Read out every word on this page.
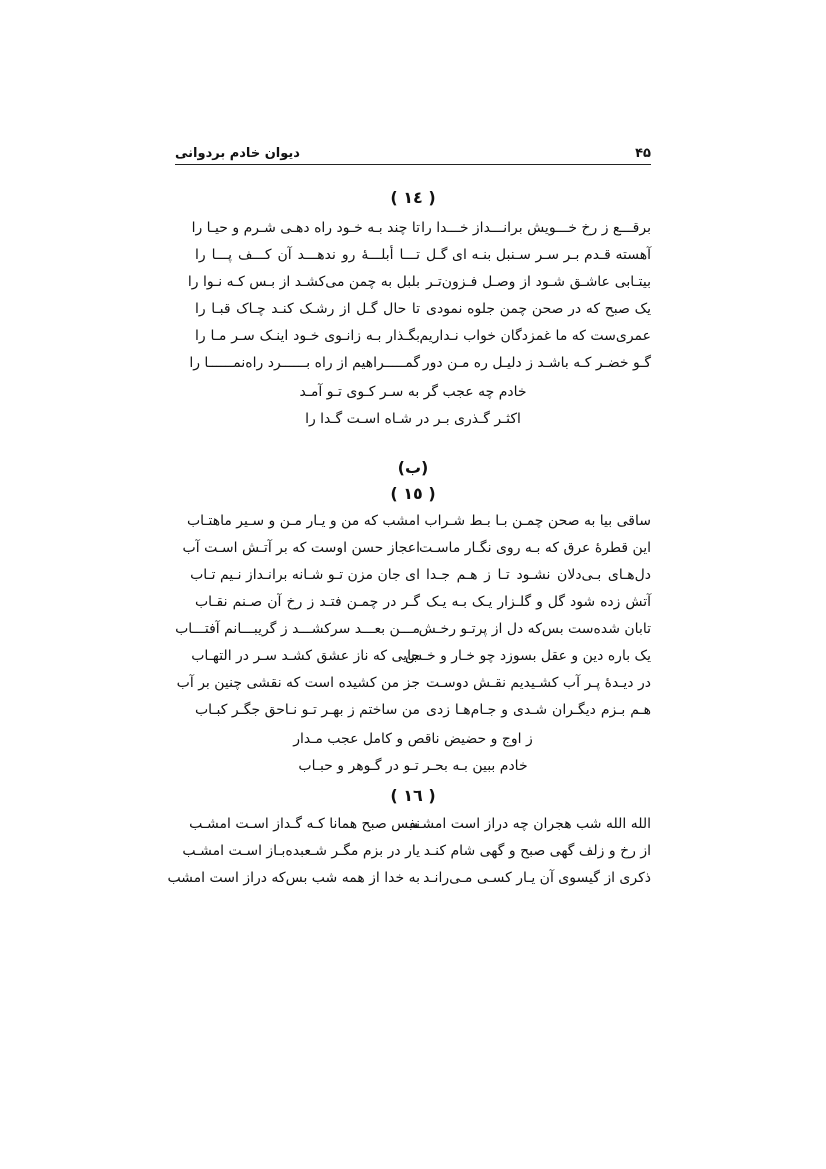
۴۵
دیوان خادم بردوانی
( ١٤ )
برقـــع ز رخ خـــویش برانـــداز خـــدا را
تا چند بـه خـود راه دهـی شـرم و حیـا را
آهسته قـدم بـر سـر سـنبل بنـه ای گـل
تـــا أبلـــهٔ رو ندهـــد آن کـــف پـــا را
بیتـابی عاشـق شـود از وصـل فـزون‌تـر
بلبل به چمن می‌کشـد از بـس کـه نـوا را
یک صبح که در صحن چمن جلوه نمودی
تا حال گـل از رشـک کنـد چـاک قبـا را
عمری‌ست که ما غمزدگان خواب نـداریم
بگـذار بـه زانـوی خـود اینـک سـر مـا را
گـو خضـر کـه باشـد ز دلیـل ره مـن دور
گمـــــراهیم از راه بــــــرد راه‌نمــــــا را
خادم چه عجب گر به سـر کـوی تـو آمـد
اکثـر گـذری بـر در شـاه اسـت گـدا را
(ب)
( ١٥ )
ساقی بیا به صحن چمـن بـا بـط شـراب
امشب که من و یـار مـن و سـیر ماهتـاب
این قطرهٔ عرق که بـه روی نگـار ماسـت
اعجاز حسن اوست که بر آتـش اسـت آب
دل‌هـای بـی‌دلان نشـود تـا ز هـم جـدا
ای جان مزن تـو شـانه برانـداز نـیم تـاب
آتش زده شود گل و گلـزار یـک بـه یـک
گـر در چمـن فتـد ز رخ آن صـنم نقـاب
تابان شده‌ست بس‌که دل از پرتـو رخـش
مـــن بعـــد سرکشـــد ز گریبـــانم آفتـــاب
یک باره دین و عقل بسوزد چو خـار و خـس
جایی که ناز عشق کشـد سـر در التهـاب
در دیـدهٔ پـر آب کشـیدیم نقـش دوسـت
جز من کشیده است که نقشی چنین بر آب
هـم بـزم دیگـران شـدی و جـام‌هـا زدی
من ساختم ز بهـر تـو نـاحق جگـر کبـاب
ز اوج و حضیض ناقص و کامل عجب مـدار
خادم ببین بـه بحـر تـو در گـوهر و حبـاب
( ١٦ )
الله الله شب هجران چه دراز است امشـب
نفس صبح همانا کـه گـداز اسـت امشـب
از رخ و زلف گهی صبح و گهی شام کنـد
یار در بزم مگـر شـعبده‌بـاز اسـت امشـب
ذکری از گیسوی آن یـار کسـی مـی‌رانـد
به خدا از همه شب بس‌که دراز است امشب
